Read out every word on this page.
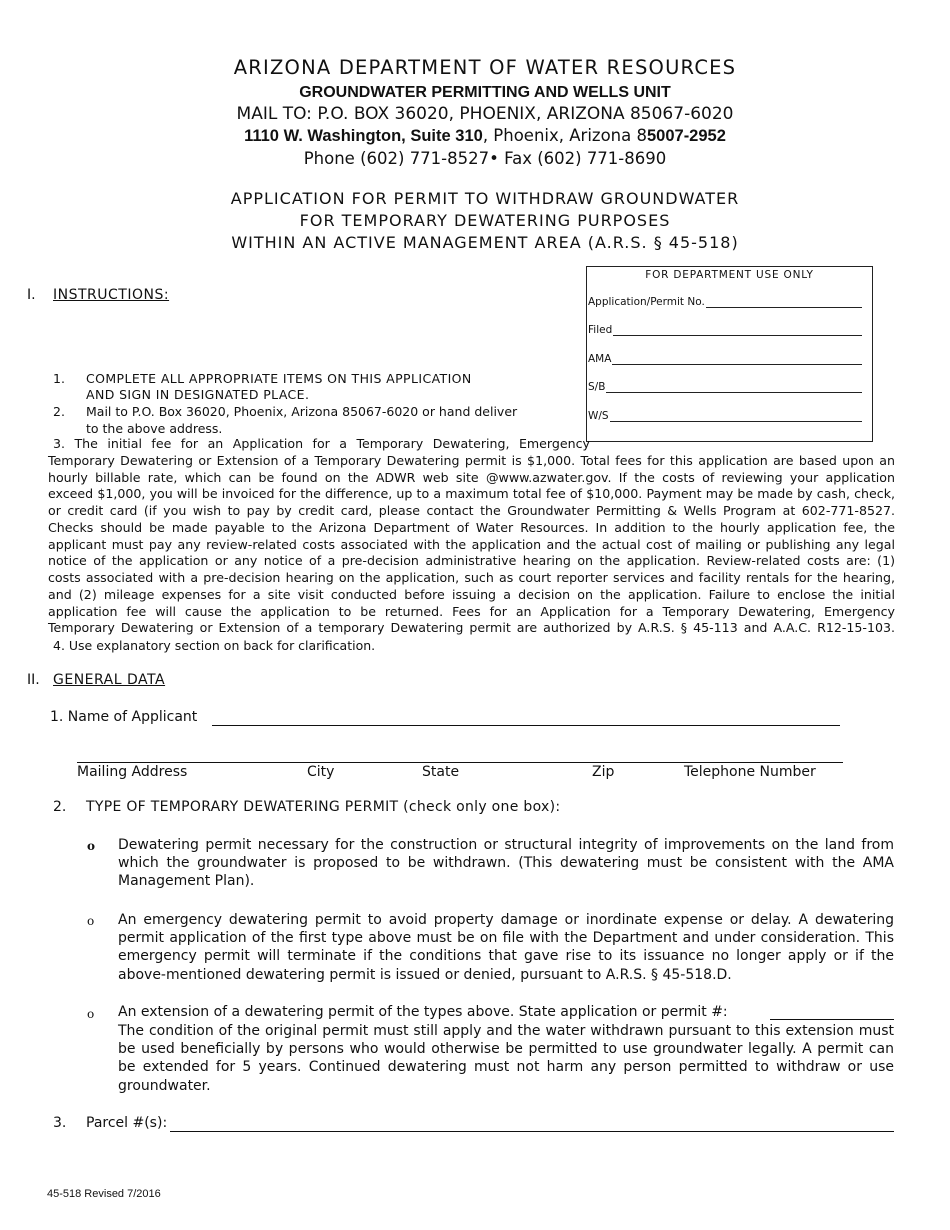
ARIZONA DEPARTMENT OF WATER RESOURCES
GROUNDWATER PERMITTING AND WELLS UNIT
MAIL TO: P.O. BOX 36020, PHOENIX, ARIZONA 85067-6020
1110 W. Washington, Suite 310, Phoenix, Arizona 85007-2952
Phone (602) 771-8527• Fax (602) 771-8690
APPLICATION FOR PERMIT TO WITHDRAW GROUNDWATER
FOR TEMPORARY DEWATERING PURPOSES
WITHIN AN ACTIVE MANAGEMENT AREA (A.R.S. § 45-518)
FOR DEPARTMENT USE ONLY
Application/Permit No.
Filed
AMA
S/B
W/S
I. INSTRUCTIONS:
1. COMPLETE ALL APPROPRIATE ITEMS ON THIS APPLICATION
AND SIGN IN DESIGNATED PLACE.
2. Mail to P.O. Box 36020, Phoenix, Arizona 85067-6020 or hand deliver
to the above address.
3. The initial fee for an Application for a Temporary Dewatering, Emergency
Temporary Dewatering or Extension of a Temporary Dewatering permit is $1,000. Total fees for this application are based upon an
hourly billable rate, which can be found on the ADWR web site @www.azwater.gov. If the costs of reviewing your application
exceed $1,000, you will be invoiced for the difference, up to a maximum total fee of $10,000. Payment may be made by cash, check,
or credit card (if you wish to pay by credit card, please contact the Groundwater Permitting & Wells Program at 602-771-8527.
Checks should be made payable to the Arizona Department of Water Resources. In addition to the hourly application fee, the
applicant must pay any review-related costs associated with the application and the actual cost of mailing or publishing any legal
notice of the application or any notice of a pre-decision administrative hearing on the application. Review-related costs are: (1)
costs associated with a pre-decision hearing on the application, such as court reporter services and facility rentals for the hearing,
and (2) mileage expenses for a site visit conducted before issuing a decision on the application. Failure to enclose the initial
application fee will cause the application to be returned. Fees for an Application for a Temporary Dewatering, Emergency
Temporary Dewatering or Extension of a temporary Dewatering permit are authorized by A.R.S. § 45-113 and A.A.C. R12-15-103.
4. Use explanatory section on back for clarification.
II. GENERAL DATA
1. Name of Applicant
Mailing Address	City	State	Zip	Telephone Number
2. TYPE OF TEMPORARY DEWATERING PERMIT (check only one box):
o Dewatering permit necessary for the construction or structural integrity of improvements on the land from which the groundwater is proposed to be withdrawn. (This dewatering must be consistent with the AMA Management Plan).
o An emergency dewatering permit to avoid property damage or inordinate expense or delay. A dewatering permit application of the first type above must be on file with the Department and under consideration. This emergency permit will terminate if the conditions that gave rise to its issuance no longer apply or if the above-mentioned dewatering permit is issued or denied, pursuant to A.R.S. § 45-518.D.
o An extension of a dewatering permit of the types above. State application or permit #:
The condition of the original permit must still apply and the water withdrawn pursuant to this extension must be used beneficially by persons who would otherwise be permitted to use groundwater legally. A permit can be extended for 5 years. Continued dewatering must not harm any person permitted to withdraw or use groundwater.
3. Parcel #(s):
45-518 Revised 7/2016
